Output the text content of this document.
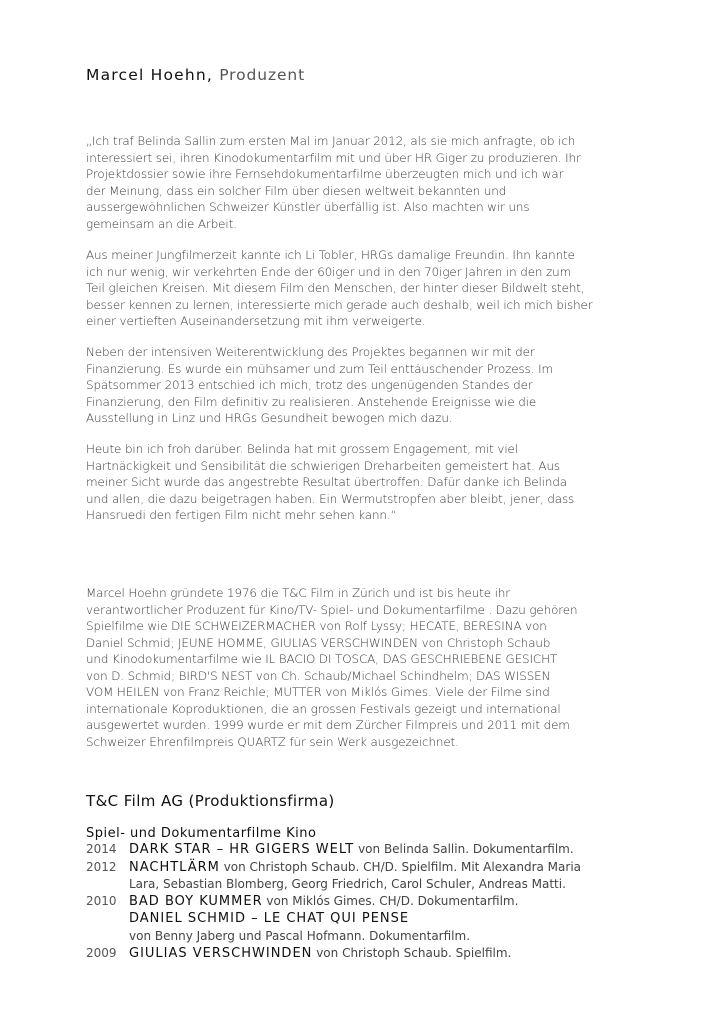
Marcel Hoehn, Produzent
„Ich traf Belinda Sallin zum ersten Mal im Januar 2012, als sie mich anfragte, ob ich
interessiert sei, ihren Kinodokumentarfilm mit und über HR Giger zu produzieren. Ihr
Projektdossier sowie ihre Fernsehdokumentarfilme überzeugten mich und ich war
der Meinung, dass ein solcher Film über diesen weltweit bekannten und
aussergewöhnlichen Schweizer Künstler überfällig ist. Also machten wir uns
gemeinsam an die Arbeit.
Aus meiner Jungfilmerzeit kannte ich Li Tobler, HRGs damalige Freundin. Ihn kannte
ich nur wenig, wir verkehrten Ende der 60iger und in den 70iger Jahren in den zum
Teil gleichen Kreisen. Mit diesem Film den Menschen, der hinter dieser Bildwelt steht,
besser kennen zu lernen, interessierte mich gerade auch deshalb, weil ich mich bisher
einer vertieften Auseinandersetzung mit ihm verweigerte.
Neben der intensiven Weiterentwicklung des Projektes begannen wir mit der
Finanzierung. Es wurde ein mühsamer und zum Teil enttäuschender Prozess. Im
Spätsommer 2013 entschied ich mich, trotz des ungenügenden Standes der
Finanzierung, den Film definitiv zu realisieren. Anstehende Ereignisse wie die
Ausstellung in Linz und HRGs Gesundheit bewogen mich dazu.
Heute bin ich froh darüber. Belinda hat mit grossem Engagement, mit viel
Hartnäckigkeit und Sensibilität die schwierigen Dreharbeiten gemeistert hat. Aus
meiner Sicht wurde das angestrebte Resultat übertroffen. Dafür danke ich Belinda
und allen, die dazu beigetragen haben. Ein Wermutstropfen aber bleibt, jener, dass
Hansruedi den fertigen Film nicht mehr sehen kann.“
Marcel Hoehn gründete 1976 die T&C Film in Zürich und ist bis heute ihr
verantwortlicher Produzent für Kino/TV- Spiel- und Dokumentarfilme . Dazu gehören
Spielfilme wie DIE SCHWEIZERMACHER von Rolf Lyssy; HECATE, BERESINA von
Daniel Schmid; JEUNE HOMME, GIULIAS VERSCHWINDEN von Christoph Schaub
und Kinodokumentarfilme wie IL BACIO DI TOSCA, DAS GESCHRIEBENE GESICHT
von D. Schmid; BIRD'S NEST von Ch. Schaub/Michael Schindhelm; DAS WISSEN
VOM HEILEN von Franz Reichle; MUTTER von Miklós Gimes. Viele der Filme sind
internationale Koproduktionen, die an grossen Festivals gezeigt und international
ausgewertet wurden. 1999 wurde er mit dem Zürcher Filmpreis und 2011 mit dem
Schweizer Ehrenfilmpreis QUARTZ für sein Werk ausgezeichnet.
T&C Film AG (Produktionsfirma)
Spiel- und Dokumentarfilme Kino
2014 DARK STAR – HR GIGERS WELT von Belinda Sallin. Dokumentarfilm.
2012 NACHTLÄRM von Christoph Schaub. CH/D. Spielfilm. Mit Alexandra Maria
Lara, Sebastian Blomberg, Georg Friedrich, Carol Schuler, Andreas Matti.
2010 BAD BOY KUMMER von Miklós Gimes. CH/D. Dokumentarfilm.
DANIEL SCHMID – LE CHAT QUI PENSE
von Benny Jaberg und Pascal Hofmann. Dokumentarfilm.
2009 GIULIAS VERSCHWINDEN von Christoph Schaub. Spielfilm.
